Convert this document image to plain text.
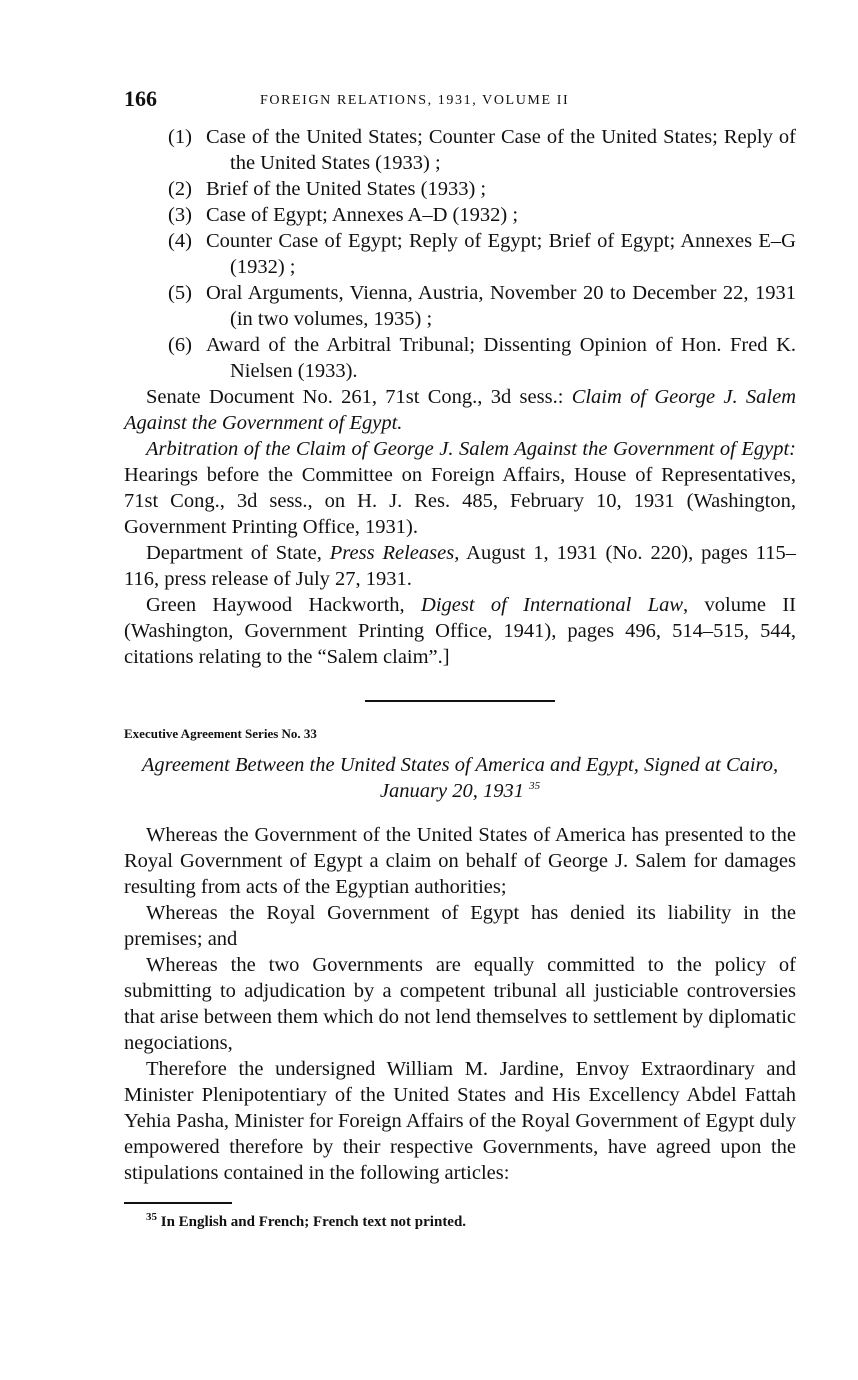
166	FOREIGN RELATIONS, 1931, VOLUME II

(1) Case of the United States; Counter Case of the United States; Reply of the United States (1933) ;

(2) Brief of the United States (1933) ;

(3) Case of Egypt; Annexes A–D (1932) ;

(4) Counter Case of Egypt; Reply of Egypt; Brief of Egypt; Annexes E–G (1932) ;

(5) Oral Arguments, Vienna, Austria, November 20 to December 22, 1931 (in two volumes, 1935) ;

(6) Award of the Arbitral Tribunal; Dissenting Opinion of Hon. Fred K. Nielsen (1933).

Senate Document No. 261, 71st Cong., 3d sess.: Claim of George J. Salem Against the Government of Egypt.

Arbitration of the Claim of George J. Salem Against the Government of Egypt: Hearings before the Committee on Foreign Affairs, House of Representatives, 71st Cong., 3d sess., on H. J. Res. 485, February 10, 1931 (Washington, Government Printing Office, 1931).

Department of State, Press Releases, August 1, 1931 (No. 220), pages 115–116, press release of July 27, 1931.

Green Haywood Hackworth, Digest of International Law, volume II (Washington, Government Printing Office, 1941), pages 496, 514–515, 544, citations relating to the “Salem claim”.]

Executive Agreement Series No. 33
Agreement Between the United States of America and Egypt, Signed at Cairo, January 20, 1931 $^{35}$

Whereas the Government of the United States of America has presented to the Royal Government of Egypt a claim on behalf of George J. Salem for damages resulting from acts of the Egyptian authorities;

Whereas the Royal Government of Egypt has denied its liability in the premises; and

Whereas the two Governments are equally committed to the policy of submitting to adjudication by a competent tribunal all justiciable controversies that arise between them which do not lend themselves to settlement by diplomatic negociations,

Therefore the undersigned William M. Jardine, Envoy Extraordinary and Minister Plenipotentiary of the United States and His Excellency Abdel Fattah Yehia Pasha, Minister for Foreign Affairs of the Royal Government of Egypt duly empowered therefore by their respective Governments, have agreed upon the stipulations contained in the following articles:

$^{35}$ In English and French; French text not printed.
